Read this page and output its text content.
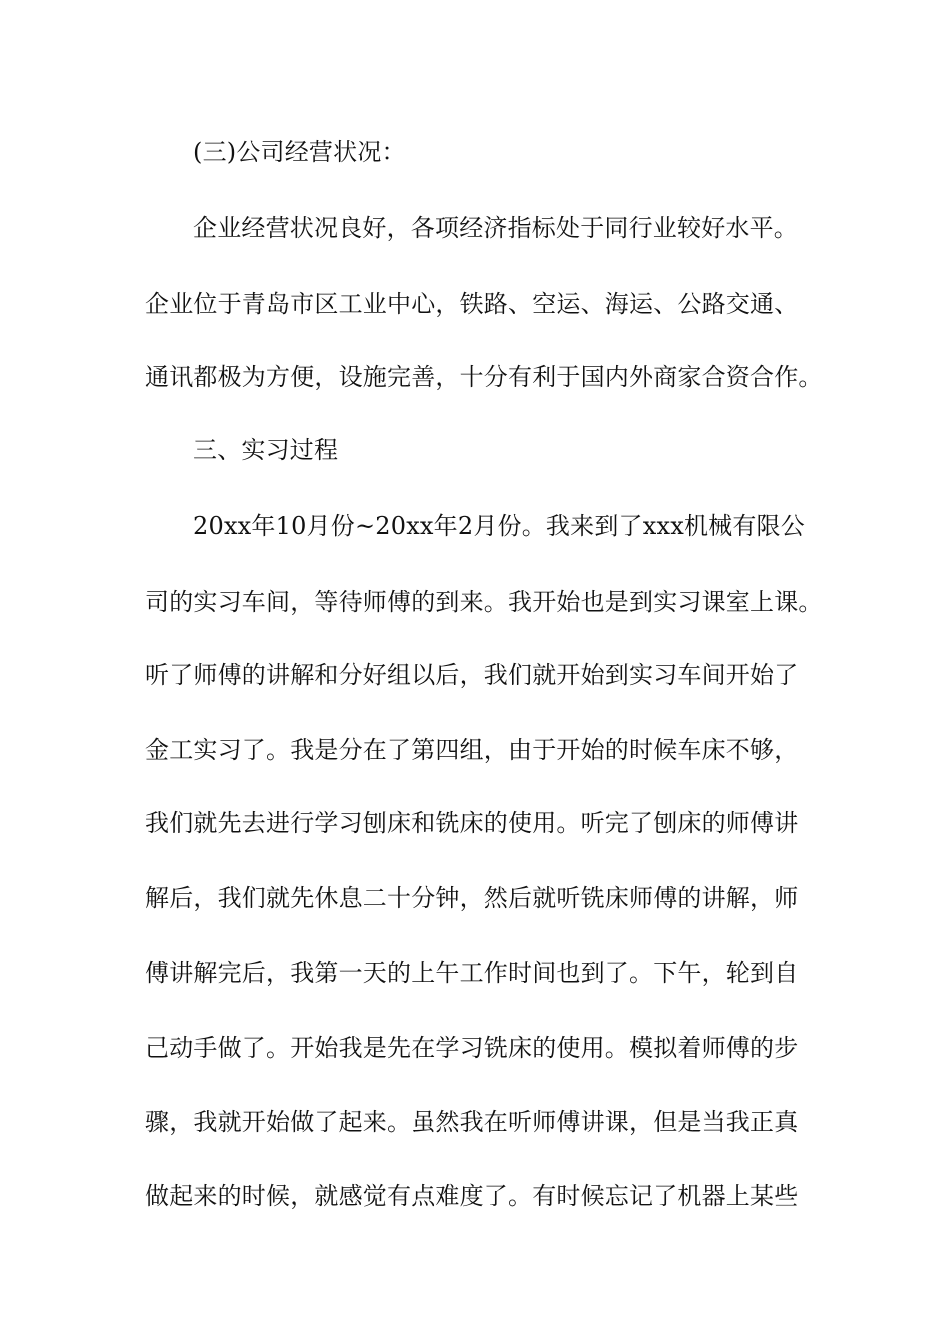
(三)公司经营状况：
企业经营状况良好，各项经济指标处于同行业较好水平。
企业位于青岛市区工业中心，铁路、空运、海运、公路交通、
通讯都极为方便，设施完善，十分有利于国内外商家合资合作。
三、实习过程
20xx年10月份~20xx年2月份。我来到了xxx机械有限公
司的实习车间，等待师傅的到来。我开始也是到实习课室上课。
听了师傅的讲解和分好组以后，我们就开始到实习车间开始了
金工实习了。我是分在了第四组，由于开始的时候车床不够，
我们就先去进行学习刨床和铣床的使用。听完了刨床的师傅讲
解后，我们就先休息二十分钟，然后就听铣床师傅的讲解，师
傅讲解完后，我第一天的上午工作时间也到了。下午，轮到自
己动手做了。开始我是先在学习铣床的使用。模拟着师傅的步
骤，我就开始做了起来。虽然我在听师傅讲课，但是当我正真
做起来的时候，就感觉有点难度了。有时候忘记了机器上某些
